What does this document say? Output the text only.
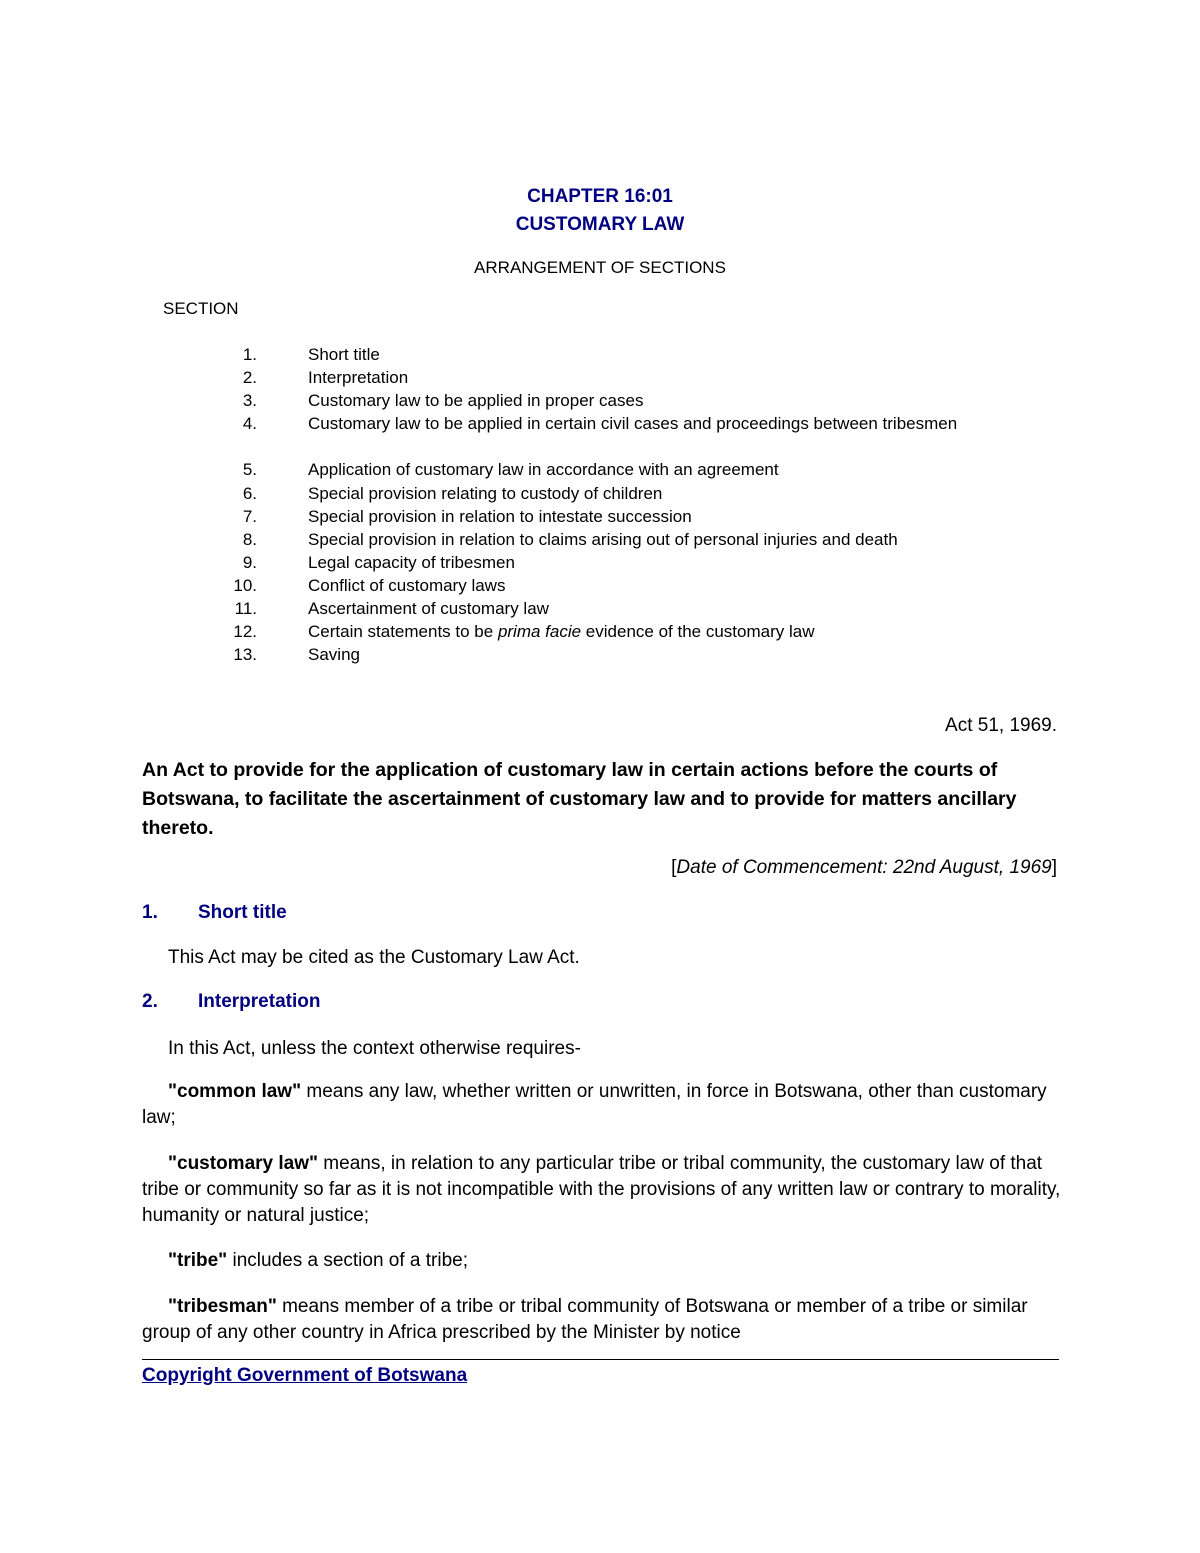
CHAPTER 16:01
CUSTOMARY LAW
ARRANGEMENT OF SECTIONS
SECTION
1.	Short title
2.	Interpretation
3.	Customary law to be applied in proper cases
4.	Customary law to be applied in certain civil cases and proceedings between tribesmen
5.	Application of customary law in accordance with an agreement
6.	Special provision relating to custody of children
7.	Special provision in relation to intestate succession
8.	Special provision in relation to claims arising out of personal injuries and death
9.	Legal capacity of tribesmen
10.	Conflict of customary laws
11.	Ascertainment of customary law
12.	Certain statements to be prima facie evidence of the customary law
13.	Saving
Act 51, 1969.
An Act to provide for the application of customary law in certain actions before the courts of Botswana, to facilitate the ascertainment of customary law and to provide for matters ancillary thereto.
[Date of Commencement: 22nd August, 1969]
1. Short title
This Act may be cited as the Customary Law Act.
2. Interpretation
In this Act, unless the context otherwise requires-
"common law" means any law, whether written or unwritten, in force in Botswana, other than customary law;
"customary law" means, in relation to any particular tribe or tribal community, the customary law of that tribe or community so far as it is not incompatible with the provisions of any written law or contrary to morality, humanity or natural justice;
"tribe" includes a section of a tribe;
"tribesman" means member of a tribe or tribal community of Botswana or member of a tribe or similar group of any other country in Africa prescribed by the Minister by notice
Copyright Government of Botswana
